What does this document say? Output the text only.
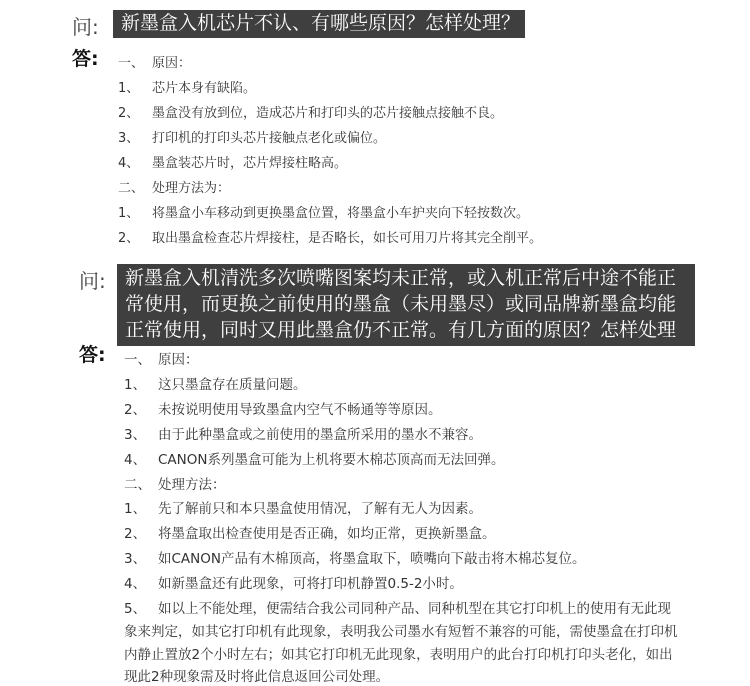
问:	新墨盒入机芯片不认、有哪些原因？怎样处理？
答: 一、 原因：
1、 芯片本身有缺陷。
2、 墨盒没有放到位，造成芯片和打印头的芯片接触点接触不良。
3、 打印机的打印头芯片接触点老化或偏位。
4、 墨盒装芯片时，芯片焊接柱略高。
二、 处理方法为：
1、 将墨盒小车移动到更换墨盒位置，将墨盒小车护夹向下轻按数次。
2、 取出墨盒检查芯片焊接柱，是否略长，如长可用刀片将其完全削平。
问: 新墨盒入机清洗多次喷嘴图案均未正常，或入机正常后中途不能正
常使用，而更换之前使用的墨盒（未用墨尽）或同品牌新墨盒均能
正常使用，同时又用此墨盒仍不正常。有几方面的原因？怎样处理
答: 一、 原因：
1、 这只墨盒存在质量问题。
2、 未按说明使用导致墨盒内空气不畅通等等原因。
3、 由于此种墨盒或之前使用的墨盒所采用的墨水不兼容。
4、 CANON系列墨盒可能为上机将要木棉芯顶高而无法回弹。
二、 处理方法：
1、 先了解前只和本只墨盒使用情况，了解有无人为因素。
2、 将墨盒取出检查使用是否正确，如均正常，更换新墨盒。
3、 如CANON产品有木棉顶高，将墨盒取下，喷嘴向下敲击将木棉芯复位。
4、 如新墨盒还有此现象，可将打印机静置0.5-2小时。
5、 如以上不能处理，便需结合我公司同种产品、同种机型在其它打印机上的使用有无此现
象来判定，如其它打印机有此现象，表明我公司墨水有短暂不兼容的可能，需使墨盒在打印机
内静止置放2个小时左右；如其它打印机无此现象，表明用户的此台打印机打印头老化，如出
现此2种现象需及时将此信息返回公司处理。
